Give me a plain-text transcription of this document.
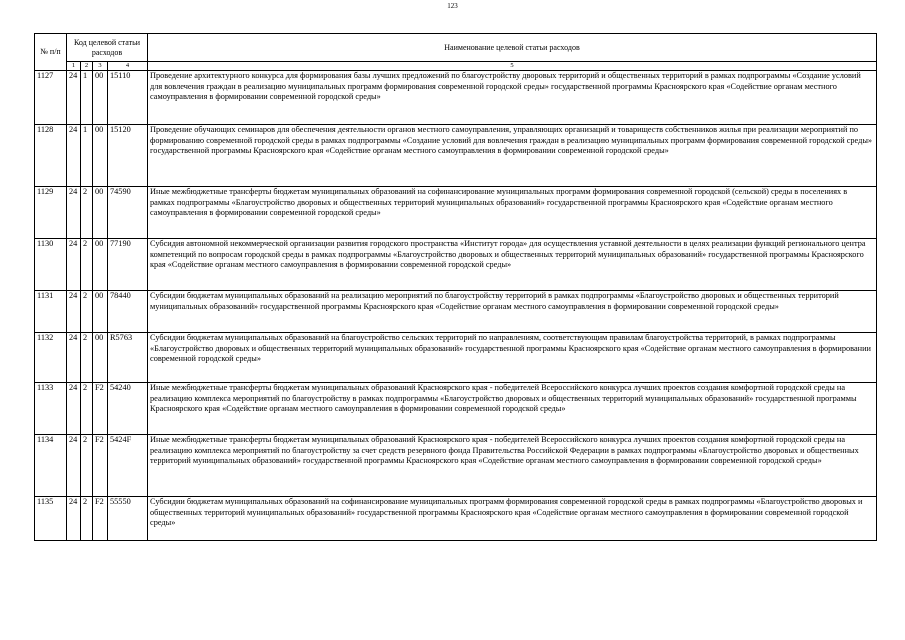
123
№ п/п	Код целевой статьи расходов				Наименование целевой статьи расходов
	1	2	3	4	5
1127	24	1	00	15110	Проведение архитектурного конкурса для формирования базы лучших предложений по благоустройству дворовых территорий и общественных территорий в рамках подпрограммы «Создание условий для вовлечения граждан в реализацию муниципальных программ формирования современной городской среды» государственной программы Красноярского края «Содействие органам местного самоуправления в формировании современной городской среды»
1128	24	1	00	15120	Проведение обучающих семинаров для обеспечения деятельности органов местного самоуправления, управляющих организаций и товариществ собственников жилья при реализации мероприятий по формированию современной городской среды в рамках подпрограммы «Создание условий для вовлечения граждан в реализацию муниципальных программ формирования современной городской среды» государственной программы Красноярского края «Содействие органам местного самоуправления в формировании современной городской среды»
1129	24	2	00	74590	Иные межбюджетные трансферты бюджетам муниципальных образований на софинансирование муниципальных программ формирования современной городской (сельской) среды в поселениях в рамках подпрограммы «Благоустройство дворовых и общественных территорий муниципальных образований» государственной программы Красноярского края «Содействие органам местного самоуправления в формировании современной городской среды»
1130	24	2	00	77190	Субсидия автономной некоммерческой организации развития городского пространства «Институт города» для осуществления уставной деятельности в целях реализации функций регионального центра компетенций по вопросам городской среды в рамках подпрограммы «Благоустройство дворовых и общественных территорий муниципальных образований» государственной программы Красноярского края «Содействие органам местного самоуправления в формировании современной городской среды»
1131	24	2	00	78440	Субсидии бюджетам муниципальных образований на реализацию мероприятий по благоустройству территорий в рамках подпрограммы «Благоустройство дворовых и общественных территорий муниципальных образований» государственной программы Красноярского края «Содействие органам местного самоуправления в формировании современной городской среды»
1132	24	2	00	R5763	Субсидии бюджетам муниципальных образований на благоустройство сельских территорий по направлениям, соответствующим правилам благоустройства территорий, в рамках подпрограммы «Благоустройство дворовых и общественных территорий муниципальных образований» государственной программы Красноярского края «Содействие органам местного самоуправления в формировании современной городской среды»
1133	24	2	F2	54240	Иные межбюджетные трансферты бюджетам муниципальных образований Красноярского края - победителей Всероссийского конкурса лучших проектов создания комфортной городской среды на реализацию комплекса мероприятий по благоустройству в рамках подпрограммы «Благоустройство дворовых и общественных территорий муниципальных образований» государственной программы Красноярского края «Содействие органам местного самоуправления в формировании современной городской среды»
1134	24	2	F2	5424F	Иные межбюджетные трансферты бюджетам муниципальных образований Красноярского края - победителей Всероссийского конкурса лучших проектов создания комфортной городской среды на реализацию комплекса мероприятий по благоустройству за счет средств резервного фонда Правительства Российской Федерации в рамках подпрограммы «Благоустройство дворовых и общественных территорий муниципальных образований» государственной программы Красноярского края «Содействие органам местного самоуправления в формировании современной городской среды»
1135	24	2	F2	55550	Субсидии бюджетам муниципальных образований на софинансирование муниципальных программ формирования современной городской среды в рамках подпрограммы «Благоустройство дворовых и общественных территорий муниципальных образований» государственной программы Красноярского края «Содействие органам местного самоуправления в формировании современной городской среды»
